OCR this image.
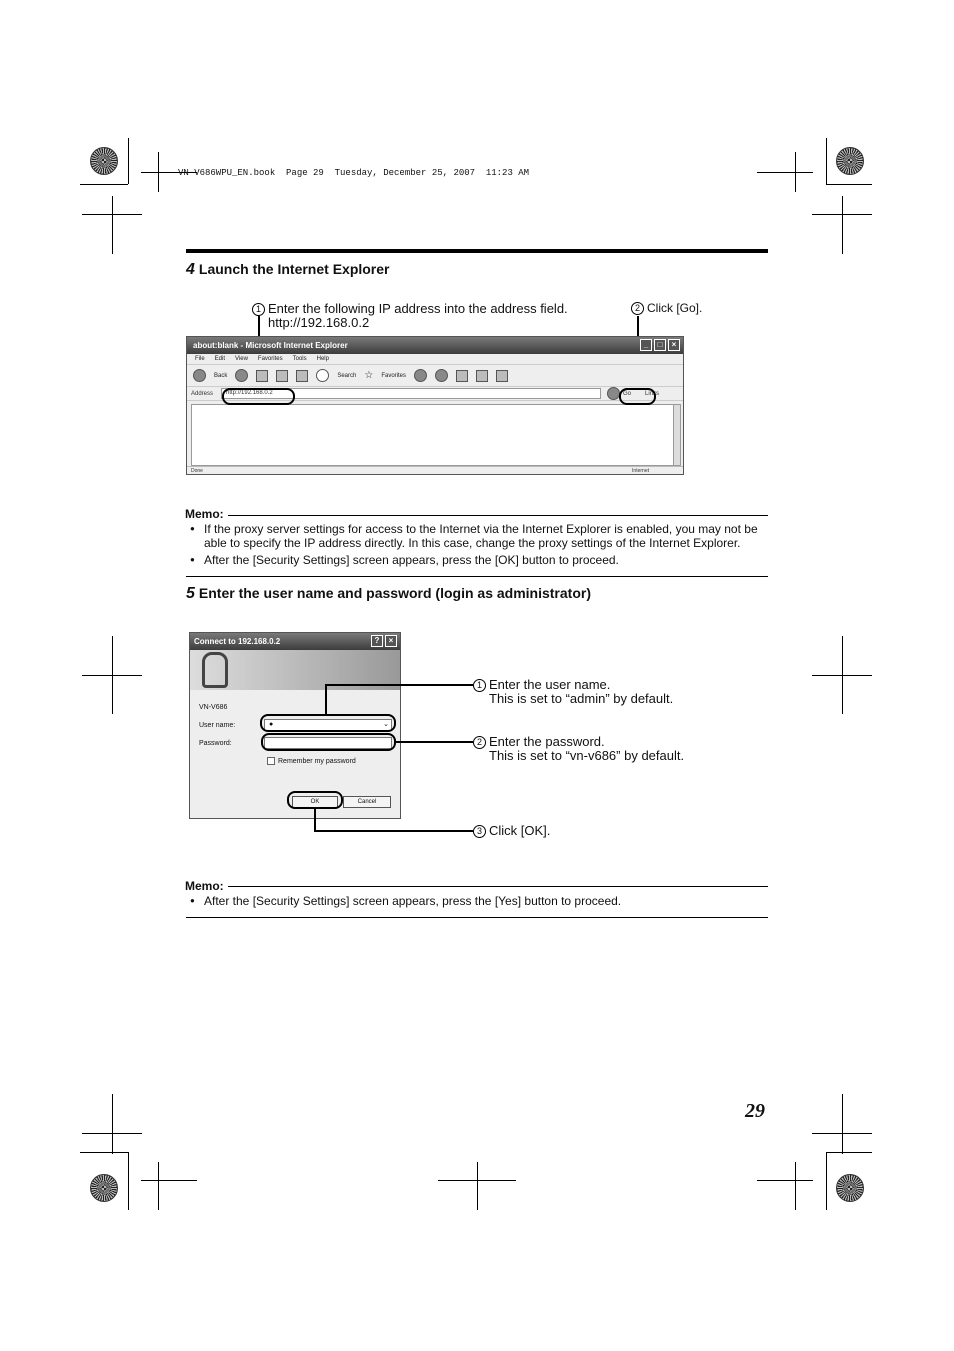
VN-V686WPU_EN.book  Page 29  Tuesday, December 25, 2007  11:23 AM
4 Launch the Internet Explorer
1 Enter the following IP address into the address field.
http://192.168.0.2
2 Click [Go].
about:blank - Microsoft Internet Explorer	_	□	×
File Edit View Favorites Tools Help
Back	Search ☆ Favorites
Address	http://192.168.0.2	Go Links
Done	Internet
Memo:
● If the proxy server settings for access to the Internet via the Internet Explorer is enabled, you may not be able to specify the IP address directly. In this case, change the proxy settings of the Internet Explorer.
● After the [Security Settings] screen appears, press the [OK] button to proceed.
5 Enter the user name and password (login as administrator)
Connect to 192.168.0.2	?	×
VN-V686
User name:	●	⌄
Password:
Remember my password
OK	Cancel
1 Enter the user name.
This is set to “admin” by default.
2 Enter the password.
This is set to “vn-v686” by default.
3 Click [OK].
Memo:
● After the [Security Settings] screen appears, press the [Yes] button to proceed.
29
